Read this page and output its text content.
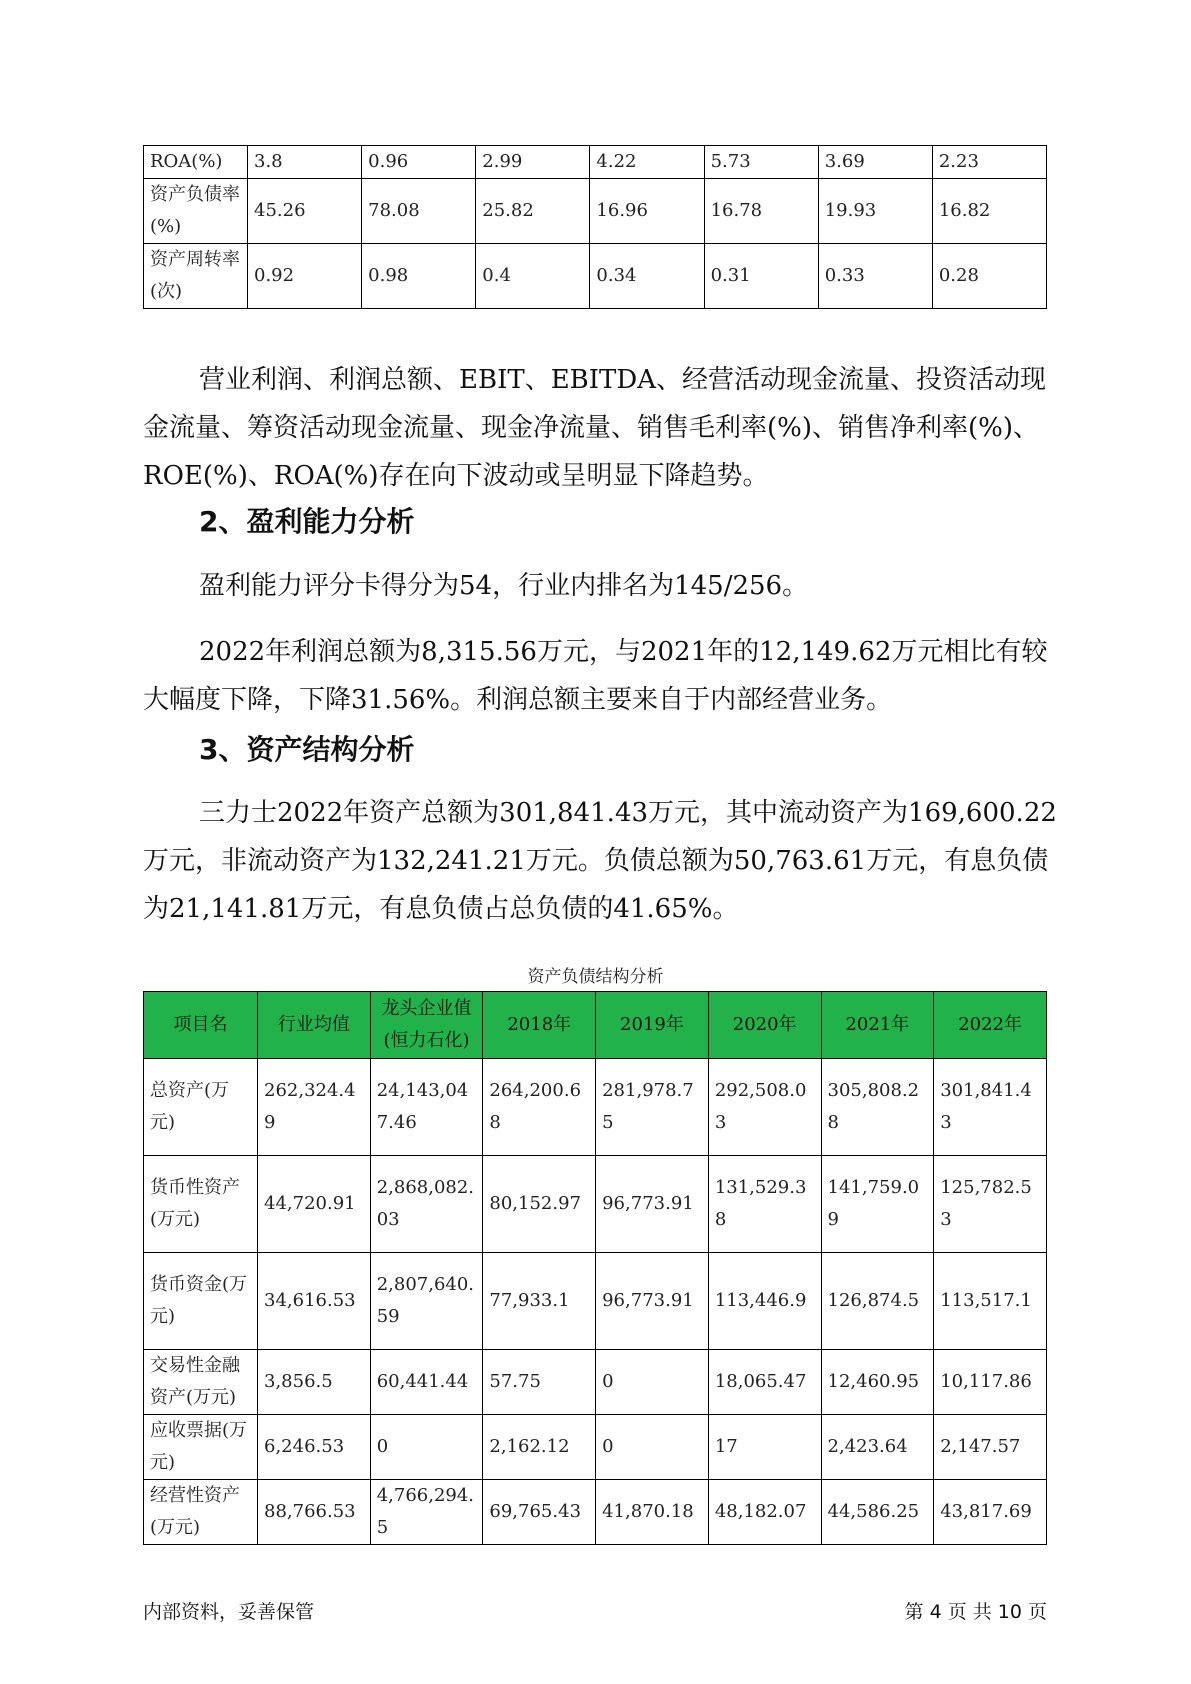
ROA(%)	3.8	0.96	2.99	4.22	5.73	3.69	2.23
资产负债率(%)	45.26	78.08	25.82	16.96	16.78	19.93	16.82
资产周转率(次)	0.92	0.98	0.4	0.34	0.31	0.33	0.28

营业利润、利润总额、EBIT、EBITDA、经营活动现金流量、投资活动现金流量、筹资活动现金流量、现金净流量、销售毛利率(%)、销售净利率(%)、ROE(%)、ROA(%)存在向下波动或呈明显下降趋势。

2、盈利能力分析

盈利能力评分卡得分为54，行业内排名为145/256。

2022年利润总额为8,315.56万元，与2021年的12,149.62万元相比有较大幅度下降，下降31.56%。利润总额主要来自于内部经营业务。

3、资产结构分析

三力士2022年资产总额为301,841.43万元，其中流动资产为169,600.22万元，非流动资产为132,241.21万元。负债总额为50,763.61万元，有息负债为21,141.81万元，有息负债占总负债的41.65%。

资产负债结构分析
项目名	行业均值	龙头企业值(恒力石化)	2018年	2019年	2020年	2021年	2022年
总资产(万元)	262,324.49	24,143,047.46	264,200.68	281,978.75	292,508.03	305,808.28	301,841.43
货币性资产(万元)	44,720.91	2,868,082.03	80,152.97	96,773.91	131,529.38	141,759.09	125,782.53
货币资金(万元)	34,616.53	2,807,640.59	77,933.1	96,773.91	113,446.9	126,874.5	113,517.1
交易性金融资产(万元)	3,856.5	60,441.44	57.75	0	18,065.47	12,460.95	10,117.86
应收票据(万元)	6,246.53	0	2,162.12	0	17	2,423.64	2,147.57
经营性资产(万元)	88,766.53	4,766,294.5	69,765.43	41,870.18	48,182.07	44,586.25	43,817.69
内部资料，妥善保管	第 4 页 共 10 页
